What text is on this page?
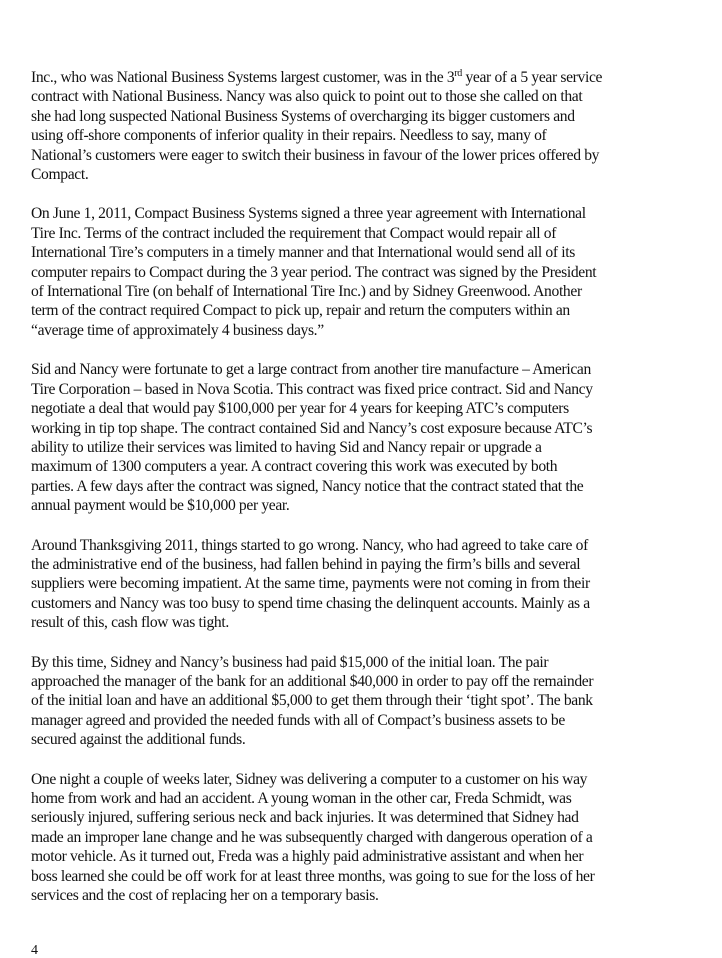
Inc., who was National Business Systems largest customer, was in the 3rd year of a 5 year service
contract with National Business. Nancy was also quick to point out to those she called on that
she had long suspected National Business Systems of overcharging its bigger customers and
using off-shore components of inferior quality in their repairs. Needless to say, many of
National’s customers were eager to switch their business in favour of the lower prices offered by
Compact.

On June 1, 2011, Compact Business Systems signed a three year agreement with International
Tire Inc. Terms of the contract included the requirement that Compact would repair all of
International Tire’s computers in a timely manner and that International would send all of its
computer repairs to Compact during the 3 year period. The contract was signed by the President
of International Tire (on behalf of International Tire Inc.) and by Sidney Greenwood. Another
term of the contract required Compact to pick up, repair and return the computers within an
“average time of approximately 4 business days.”

Sid and Nancy were fortunate to get a large contract from another tire manufacture – American
Tire Corporation – based in Nova Scotia. This contract was fixed price contract. Sid and Nancy
negotiate a deal that would pay $100,000 per year for 4 years for keeping ATC’s computers
working in tip top shape. The contract contained Sid and Nancy’s cost exposure because ATC’s
ability to utilize their services was limited to having Sid and Nancy repair or upgrade a
maximum of 1300 computers a year. A contract covering this work was executed by both
parties. A few days after the contract was signed, Nancy notice that the contract stated that the
annual payment would be $10,000 per year.

Around Thanksgiving 2011, things started to go wrong. Nancy, who had agreed to take care of
the administrative end of the business, had fallen behind in paying the firm’s bills and several
suppliers were becoming impatient. At the same time, payments were not coming in from their
customers and Nancy was too busy to spend time chasing the delinquent accounts. Mainly as a
result of this, cash flow was tight.

By this time, Sidney and Nancy’s business had paid $15,000 of the initial loan. The pair
approached the manager of the bank for an additional $40,000 in order to pay off the remainder
of the initial loan and have an additional $5,000 to get them through their ‘tight spot’. The bank
manager agreed and provided the needed funds with all of Compact’s business assets to be
secured against the additional funds.

One night a couple of weeks later, Sidney was delivering a computer to a customer on his way
home from work and had an accident. A young woman in the other car, Freda Schmidt, was
seriously injured, suffering serious neck and back injuries. It was determined that Sidney had
made an improper lane change and he was subsequently charged with dangerous operation of a
motor vehicle. As it turned out, Freda was a highly paid administrative assistant and when her
boss learned she could be off work for at least three months, was going to sue for the loss of her
services and the cost of replacing her on a temporary basis.

4
